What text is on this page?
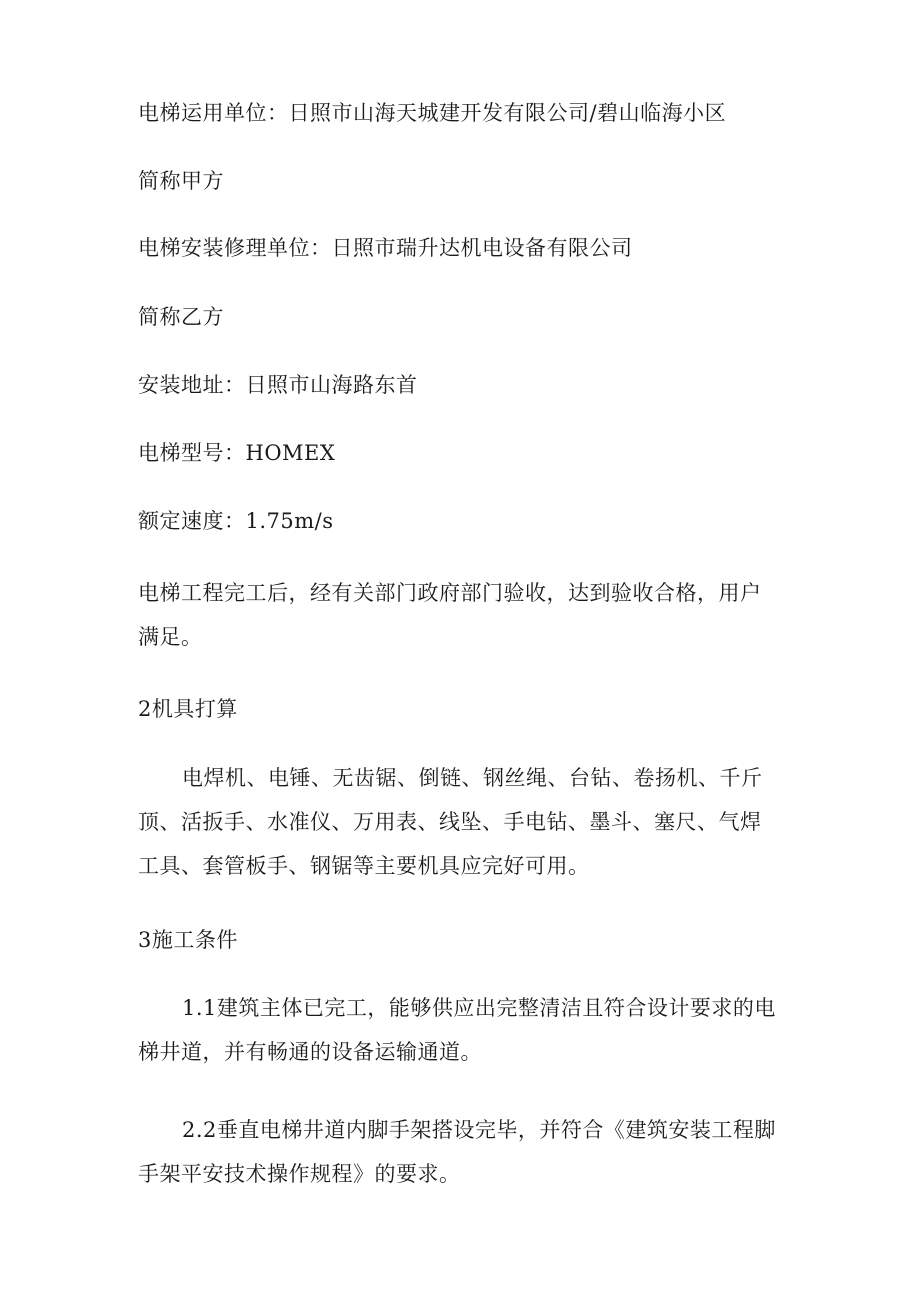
电梯运用单位：日照市山海天城建开发有限公司/碧山临海小区
简称甲方
电梯安装修理单位：日照市瑞升达机电设备有限公司
简称乙方
安装地址：日照市山海路东首
电梯型号：HOMEX
额定速度：1.75m/s
电梯工程完工后，经有关部门政府部门验收，达到验收合格，用户满足。
2机具打算
电焊机、电锤、无齿锯、倒链、钢丝绳、台钻、卷扬机、千斤顶、活扳手、水准仪、万用表、线坠、手电钻、墨斗、塞尺、气焊工具、套管板手、钢锯等主要机具应完好可用。
3施工条件
1.1建筑主体已完工，能够供应出完整清洁且符合设计要求的电梯井道，并有畅通的设备运输通道。
2.2垂直电梯井道内脚手架搭设完毕，并符合《建筑安装工程脚手架平安技术操作规程》的要求。
